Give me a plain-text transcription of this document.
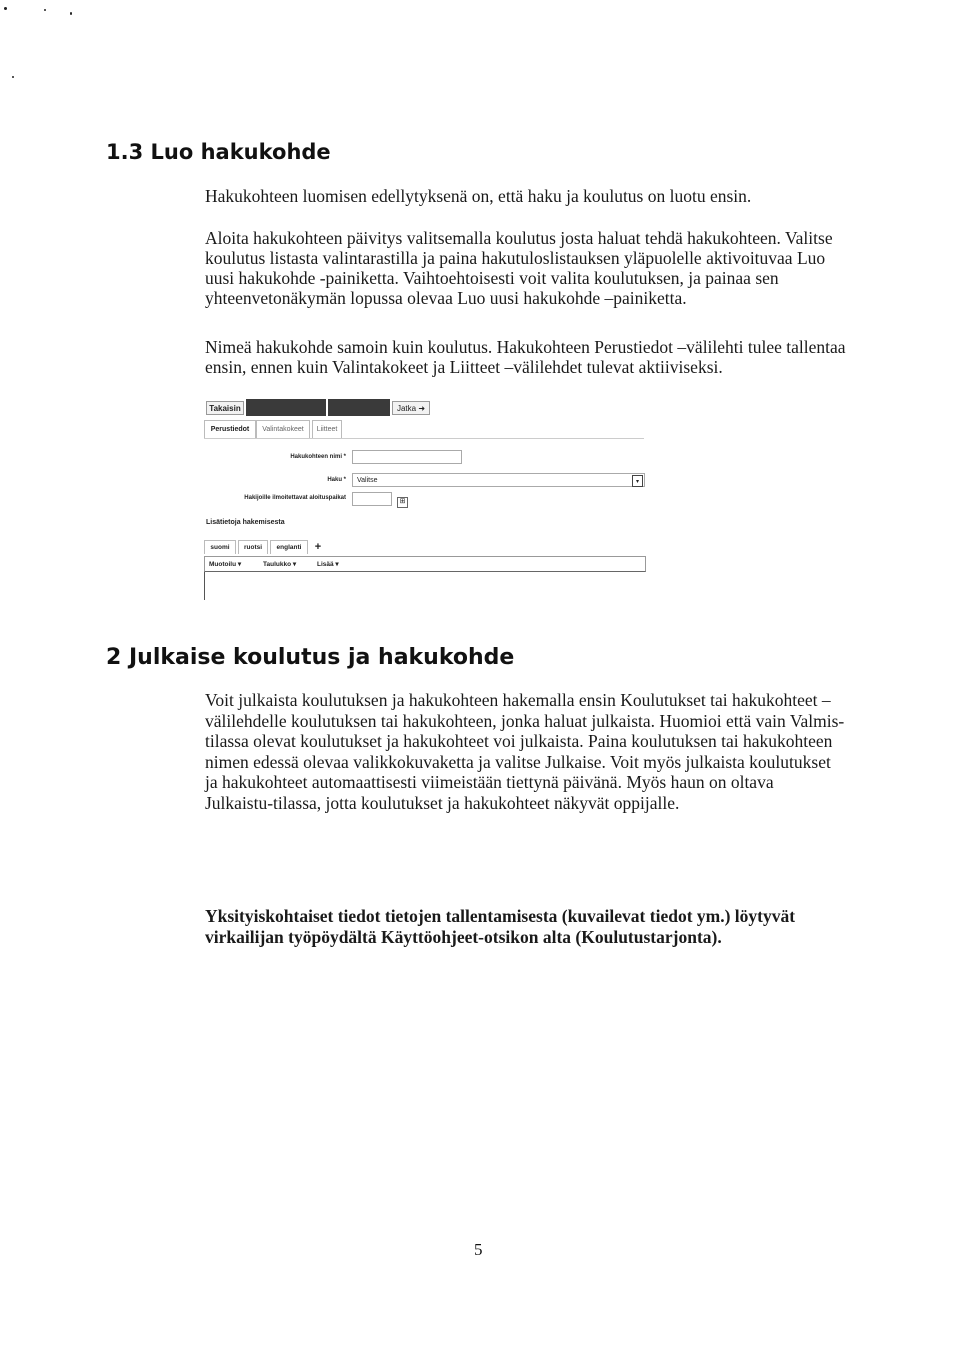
1.3 Luo hakukohde

Hakukohteen luomisen edellytyksenä on, että haku ja koulutus on luotu ensin.

Aloita hakukohteen päivitys valitsemalla koulutus josta haluat tehdä hakukohteen. Valitse koulutus listasta valintarastilla ja paina hakutuloslistauksen yläpuolelle aktivoituvaa Luo uusi hakukohde -painiketta. Vaihtoehtoisesti voit valita koulutuksen, ja painaa sen yhteenvetonäkymän lopussa olevaa Luo uusi hakukohde –painiketta.

Nimeä hakukohde samoin kuin koulutus. Hakukohteen Perustiedot –välilehti tulee tallentaa ensin, ennen kuin Valintakokeet ja Liitteet –välilehdet tulevat aktiiviseksi.

Takaisin	Jatka ➜
Perustiedot	Valintakokeet	Liitteet
Hakukohteen nimi *
Haku * Valitse	▾
Hakijoille ilmoitettavat aloituspaikat	⊞
Lisätietoja hakemisesta
suomi	ruotsi	englanti	+
Muotoilu ▾	Taulukko ▾	Lisää ▾
2 Julkaise koulutus ja hakukohde

Voit julkaista koulutuksen ja hakukohteen hakemalla ensin Koulutukset tai hakukohteet –välilehdelle koulutuksen tai hakukohteen, jonka haluat julkaista. Huomioi että vain Valmis-tilassa olevat koulutukset ja hakukohteet voi julkaista. Paina koulutuksen tai hakukohteen nimen edessä olevaa valikkokuvaketta ja valitse Julkaise. Voit myös julkaista koulutukset ja hakukohteet automaattisesti viimeistään tiettynä päivänä. Myös haun on oltava Julkaistu-tilassa, jotta koulutukset ja hakukohteet näkyvät oppijalle.

Yksityiskohtaiset tiedot tietojen tallentamisesta (kuvailevat tiedot ym.) löytyvät virkailijan työpöydältä Käyttöohjeet-otsikon alta (Koulutustarjonta).

5
